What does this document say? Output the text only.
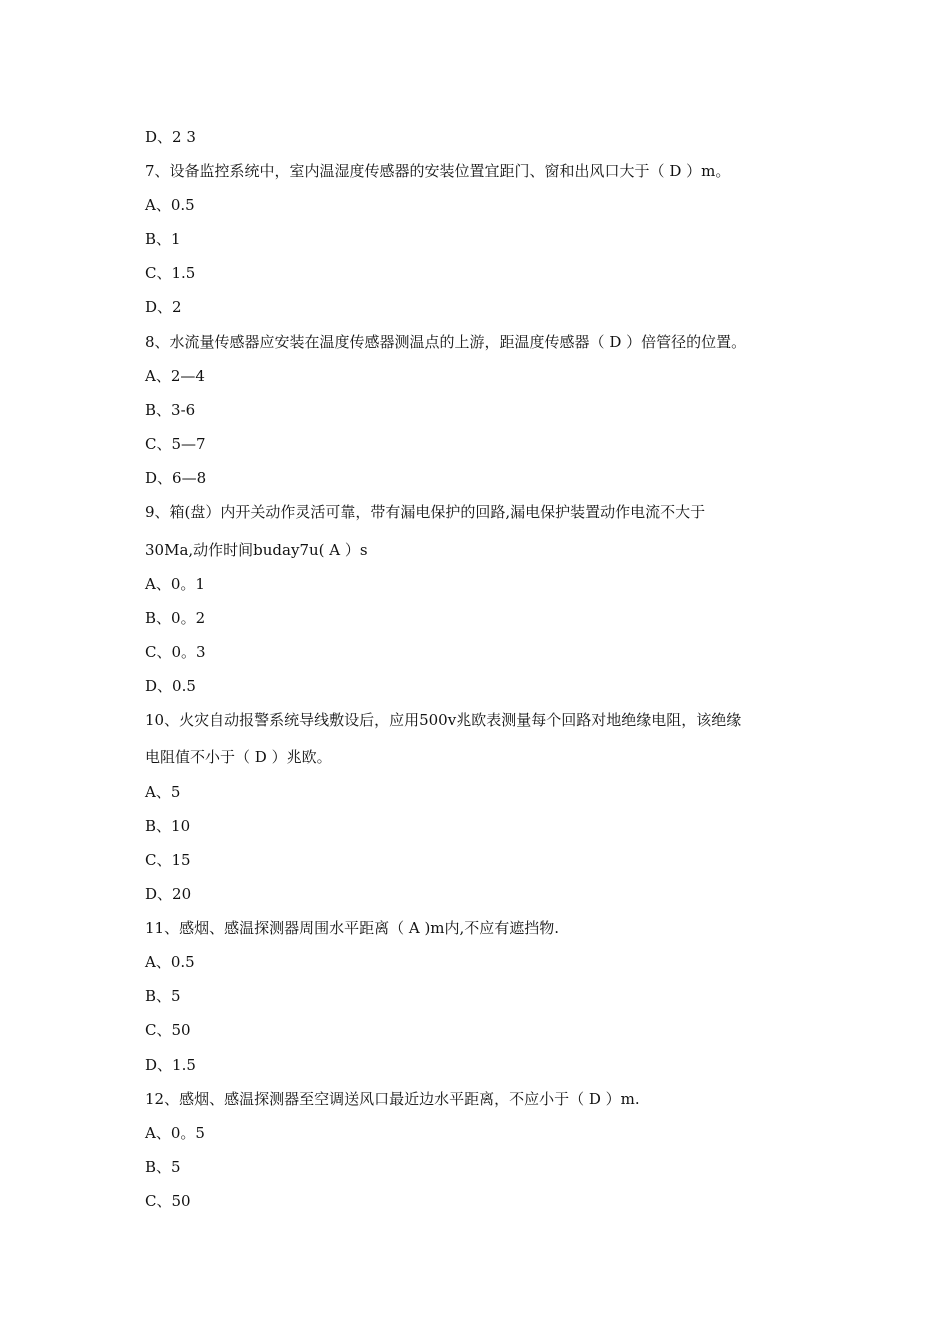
D、2 3
7、设备监控系统中，室内温湿度传感器的安装位置宜距门、窗和出风口大于（ D ）m。
A、0.5
B、1
C、1.5
D、2
8、水流量传感器应安装在温度传感器测温点的上游，距温度传感器（ D ）倍管径的位置。
A、2—4
B、3-6
C、5—7
D、6—8
9、箱(盘）内开关动作灵活可靠，带有漏电保护的回路,漏电保护装置动作电流不大于
30Ma,动作时间buday7u( A ）s
A、0。1
B、0。2
C、0。3
D、0.5
10、火灾自动报警系统导线敷设后，应用500v兆欧表测量每个回路对地绝缘电阻，该绝缘
电阻值不小于（ D ）兆欧。
A、5
B、10
C、15
D、20
11、感烟、感温探测器周围水平距离（ A )m内,不应有遮挡物.
A、0.5
B、5
C、50
D、1.5
12、感烟、感温探测器至空调送风口最近边水平距离，不应小于（ D ）m.
A、0。5
B、5
C、50
